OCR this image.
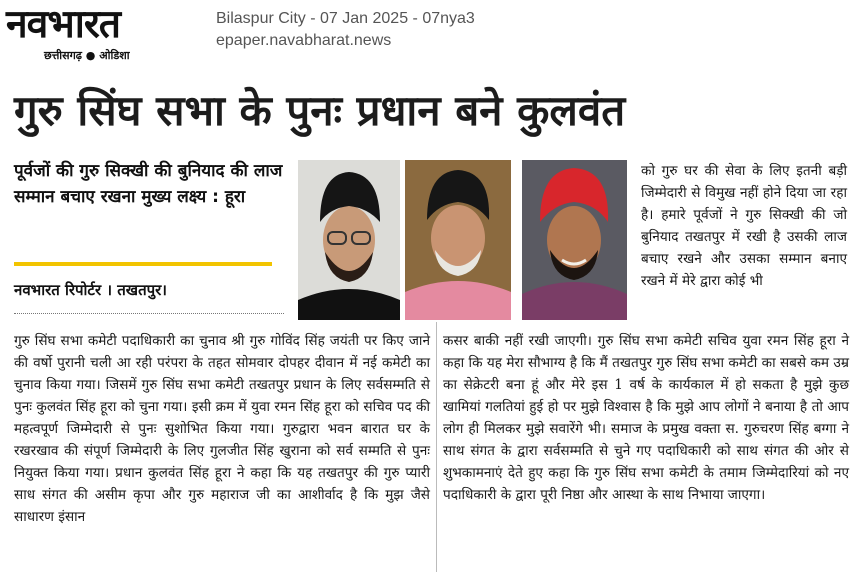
नवभारत
छत्तीसगढ़ ● ओडिशा
Bilaspur City - 07 Jan 2025 - 07nya3
epaper.navabharat.news
गुरु सिंघ सभा के पुनः प्रधान बने कुलवंत
पूर्वजों की गुरु सिक्खी की बुनियाद की लाज सम्मान बचाए रखना मुख्य लक्ष्य : हूरा
नवभारत रिपोर्टर । तखतपुर।
को गुरु घर की सेवा के लिए इतनी बड़ी जिम्मेदारी से विमुख नहीं होने दिया जा रहा है। हमारे पूर्वजों ने गुरु सिक्खी की जो बुनियाद तखतपुर में रखी है उसकी लाज बचाए रखने और उसका सम्मान बनाए रखने में मेरे द्वारा कोई भी
गुरु सिंघ सभा कमेटी पदाधिकारी का चुनाव श्री गुरु गोविंद सिंह जयंती पर किए जाने की वर्षो पुरानी चली आ रही परंपरा के तहत सोमवार दोपहर दीवान में नई कमेटी का चुनाव किया गया। जिसमें गुरु सिंघ सभा कमेटी तखतपुर प्रधान के लिए सर्वसम्मति से पुनः कुलवंत सिंह हूरा को चुना गया। इसी क्रम में युवा रमन सिंह हूरा को सचिव पद की महत्वपूर्ण जिम्मेदारी से पुनः सुशोभित किया गया। गुरुद्वारा भवन बारात घर के रखरखाव की संपूर्ण जिम्मेदारी के लिए गुलजीत सिंह खुराना को सर्व सम्मति से पुनः नियुक्त किया गया। प्रधान कुलवंत सिंह हूरा ने कहा कि यह तखतपुर की गुरु प्यारी साध संगत की असीम कृपा और गुरु महाराज जी का आशीर्वाद है कि मुझ जैसे साधारण इंसान
कसर बाकी नहीं रखी जाएगी। गुरु सिंघ सभा कमेटी सचिव युवा रमन सिंह हूरा ने कहा कि यह मेरा सौभाग्य है कि मैं तखतपुर गुरु सिंघ सभा कमेटी का सबसे कम उम्र का सेक्रेटरी बना हूं और मेरे इस 1 वर्ष के कार्यकाल में हो सकता है मुझे कुछ खामियां गलतियां हुई हो पर मुझे विश्वास है कि मुझे आप लोगों ने बनाया है तो आप लोग ही मिलकर मुझे सवारेंगे भी। समाज के प्रमुख वक्ता स. गुरुचरण सिंह बग्गा ने साथ संगत के द्वारा सर्वसम्मति से चुने गए पदाधिकारी को साथ संगत की ओर से शुभकामनाएं देते हुए कहा कि गुरु सिंघ सभा कमेटी के तमाम जिम्मेदारियां को नए पदाधिकारी के द्वारा पूरी निष्ठा और आस्था के साथ निभाया जाएगा।
